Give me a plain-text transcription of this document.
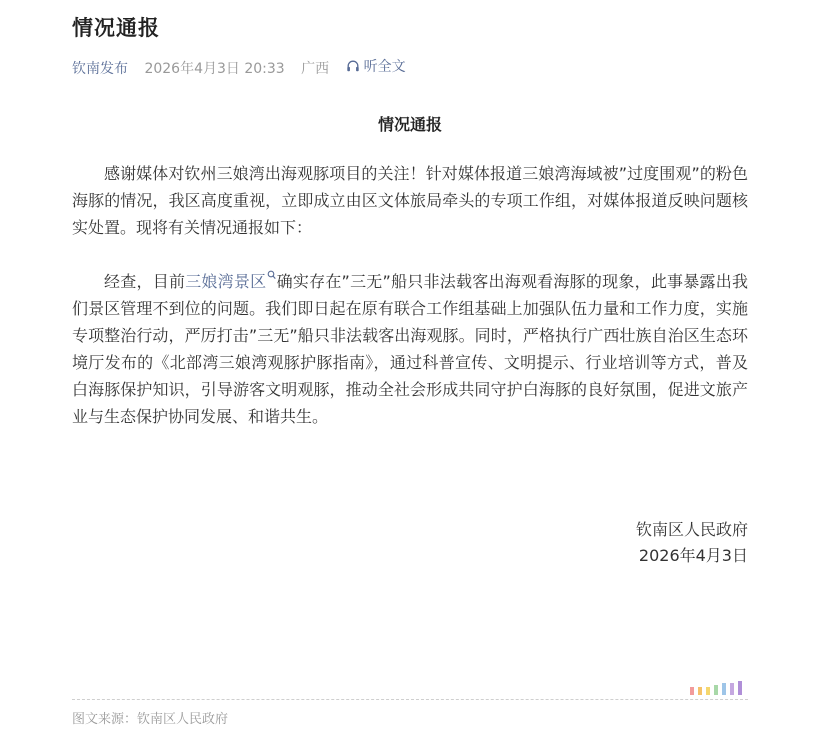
情况通报
钦南发布 2026年4月3日 20:33 广西 听全文
情况通报

感谢媒体对钦州三娘湾出海观豚项目的关注！针对媒体报道三娘湾海域被”过度围观”的粉色海豚的情况，我区高度重视，立即成立由区文体旅局牵头的专项工作组，对媒体报道反映问题核实处置。现将有关情况通报如下：

经查，目前三娘湾景区 确实存在”三无”船只非法载客出海观看海豚的现象，此事暴露出我们景区管理不到位的问题。我们即日起在原有联合工作组基础上加强队伍力量和工作力度，实施专项整治行动，严厉打击”三无”船只非法载客出海观豚。同时，严格执行广西壮族自治区生态环境厅发布的《北部湾三娘湾观豚护豚指南》，通过科普宣传、文明提示、行业培训等方式，普及白海豚保护知识，引导游客文明观豚，推动全社会形成共同守护白海豚的良好氛围，促进文旅产业与生态保护协同发展、和谐共生。

钦南区人民政府
2026年4月3日
图文来源：钦南区人民政府
